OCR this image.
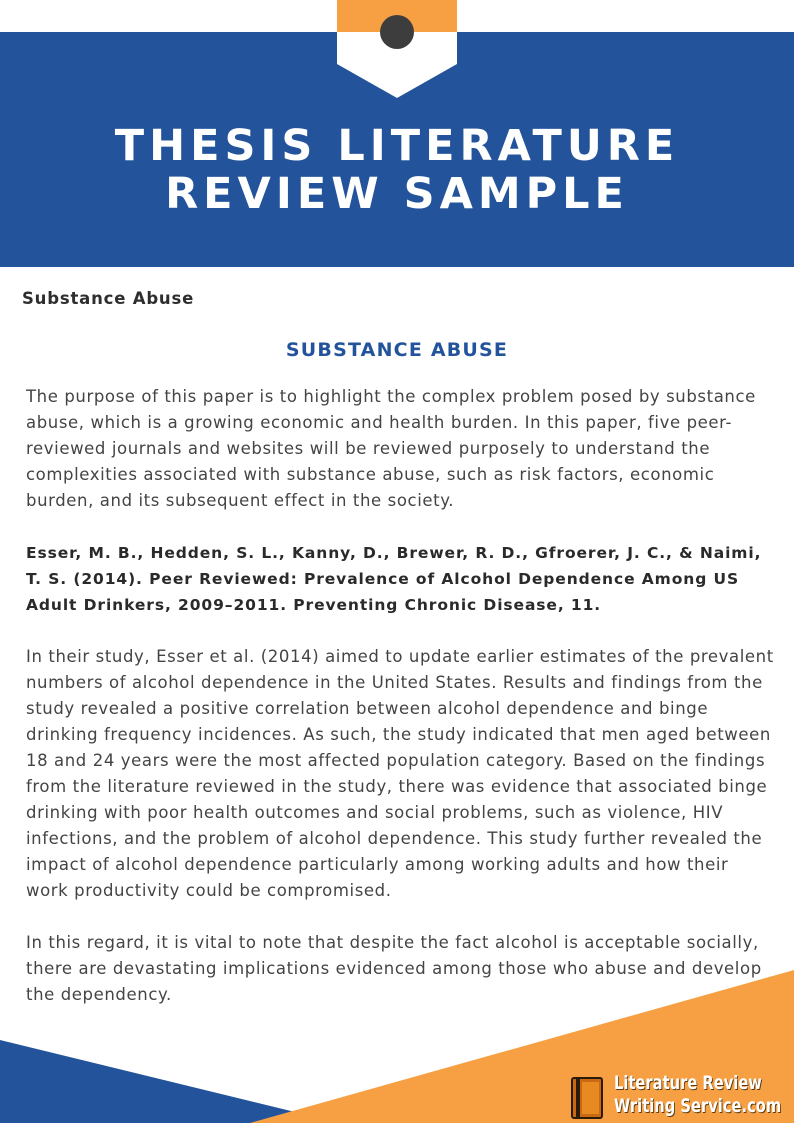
THESIS LITERATURE
REVIEW SAMPLE
Substance Abuse
SUBSTANCE ABUSE
The purpose of this paper is to highlight the complex problem posed by substance abuse, which is a growing economic and health burden. In this paper, five peer-reviewed journals and websites will be reviewed purposely to understand the complexities associated with substance abuse, such as risk factors, economic burden, and its subsequent effect in the society.
Esser, M. B., Hedden, S. L., Kanny, D., Brewer, R. D., Gfroerer, J. C., & Naimi, T. S. (2014). Peer Reviewed: Prevalence of Alcohol Dependence Among US Adult Drinkers, 2009–2011. Preventing Chronic Disease, 11.
In their study, Esser et al. (2014) aimed to update earlier estimates of the prevalent numbers of alcohol dependence in the United States. Results and findings from the study revealed a positive correlation between alcohol dependence and binge drinking frequency incidences. As such, the study indicated that men aged between 18 and 24 years were the most affected population category. Based on the findings from the literature reviewed in the study, there was evidence that associated binge drinking with poor health outcomes and social problems, such as violence, HIV infections, and the problem of alcohol dependence. This study further revealed the impact of alcohol dependence particularly among working adults and how their work productivity could be compromised.
In this regard, it is vital to note that despite the fact alcohol is acceptable socially, there are devastating implications evidenced among those who abuse and develop the dependency.
Literature Review
Writing Service.com
